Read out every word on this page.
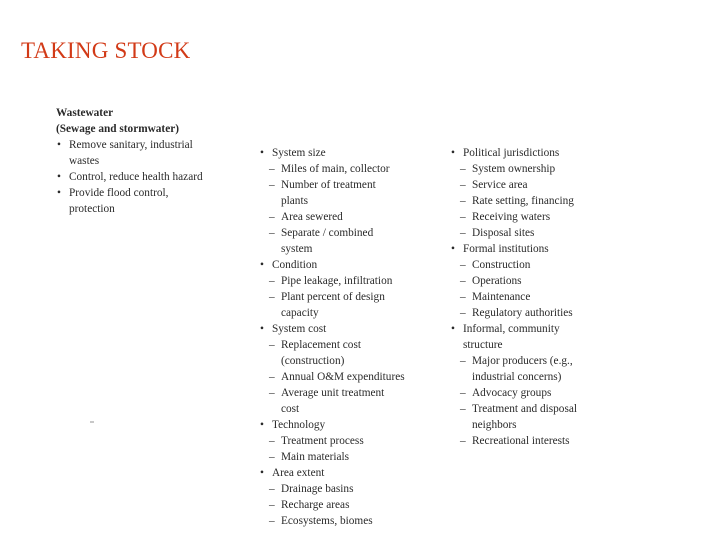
TAKING STOCK
Wastewater
(Sewage and stormwater)
• Remove sanitary, industrial
wastes
• Control, reduce health hazard
• Provide flood control,
protection
• System size
– Miles of main, collector
– Number of treatment
plants
– Area sewered
– Separate / combined
system
• Condition
– Pipe leakage, infiltration
– Plant percent of design
capacity
• System cost
– Replacement cost
(construction)
– Annual O&M expenditures
– Average unit treatment
cost
• Technology
– Treatment process
– Main materials
• Area extent
– Drainage basins
– Recharge areas
– Ecosystems, biomes
• Political jurisdictions
– System ownership
– Service area
– Rate setting, financing
– Receiving waters
– Disposal sites
• Formal institutions
– Construction
– Operations
– Maintenance
– Regulatory authorities
• Informal, community
structure
– Major producers (e.g.,
industrial concerns)
– Advocacy groups
– Treatment and disposal
neighbors
– Recreational interests
